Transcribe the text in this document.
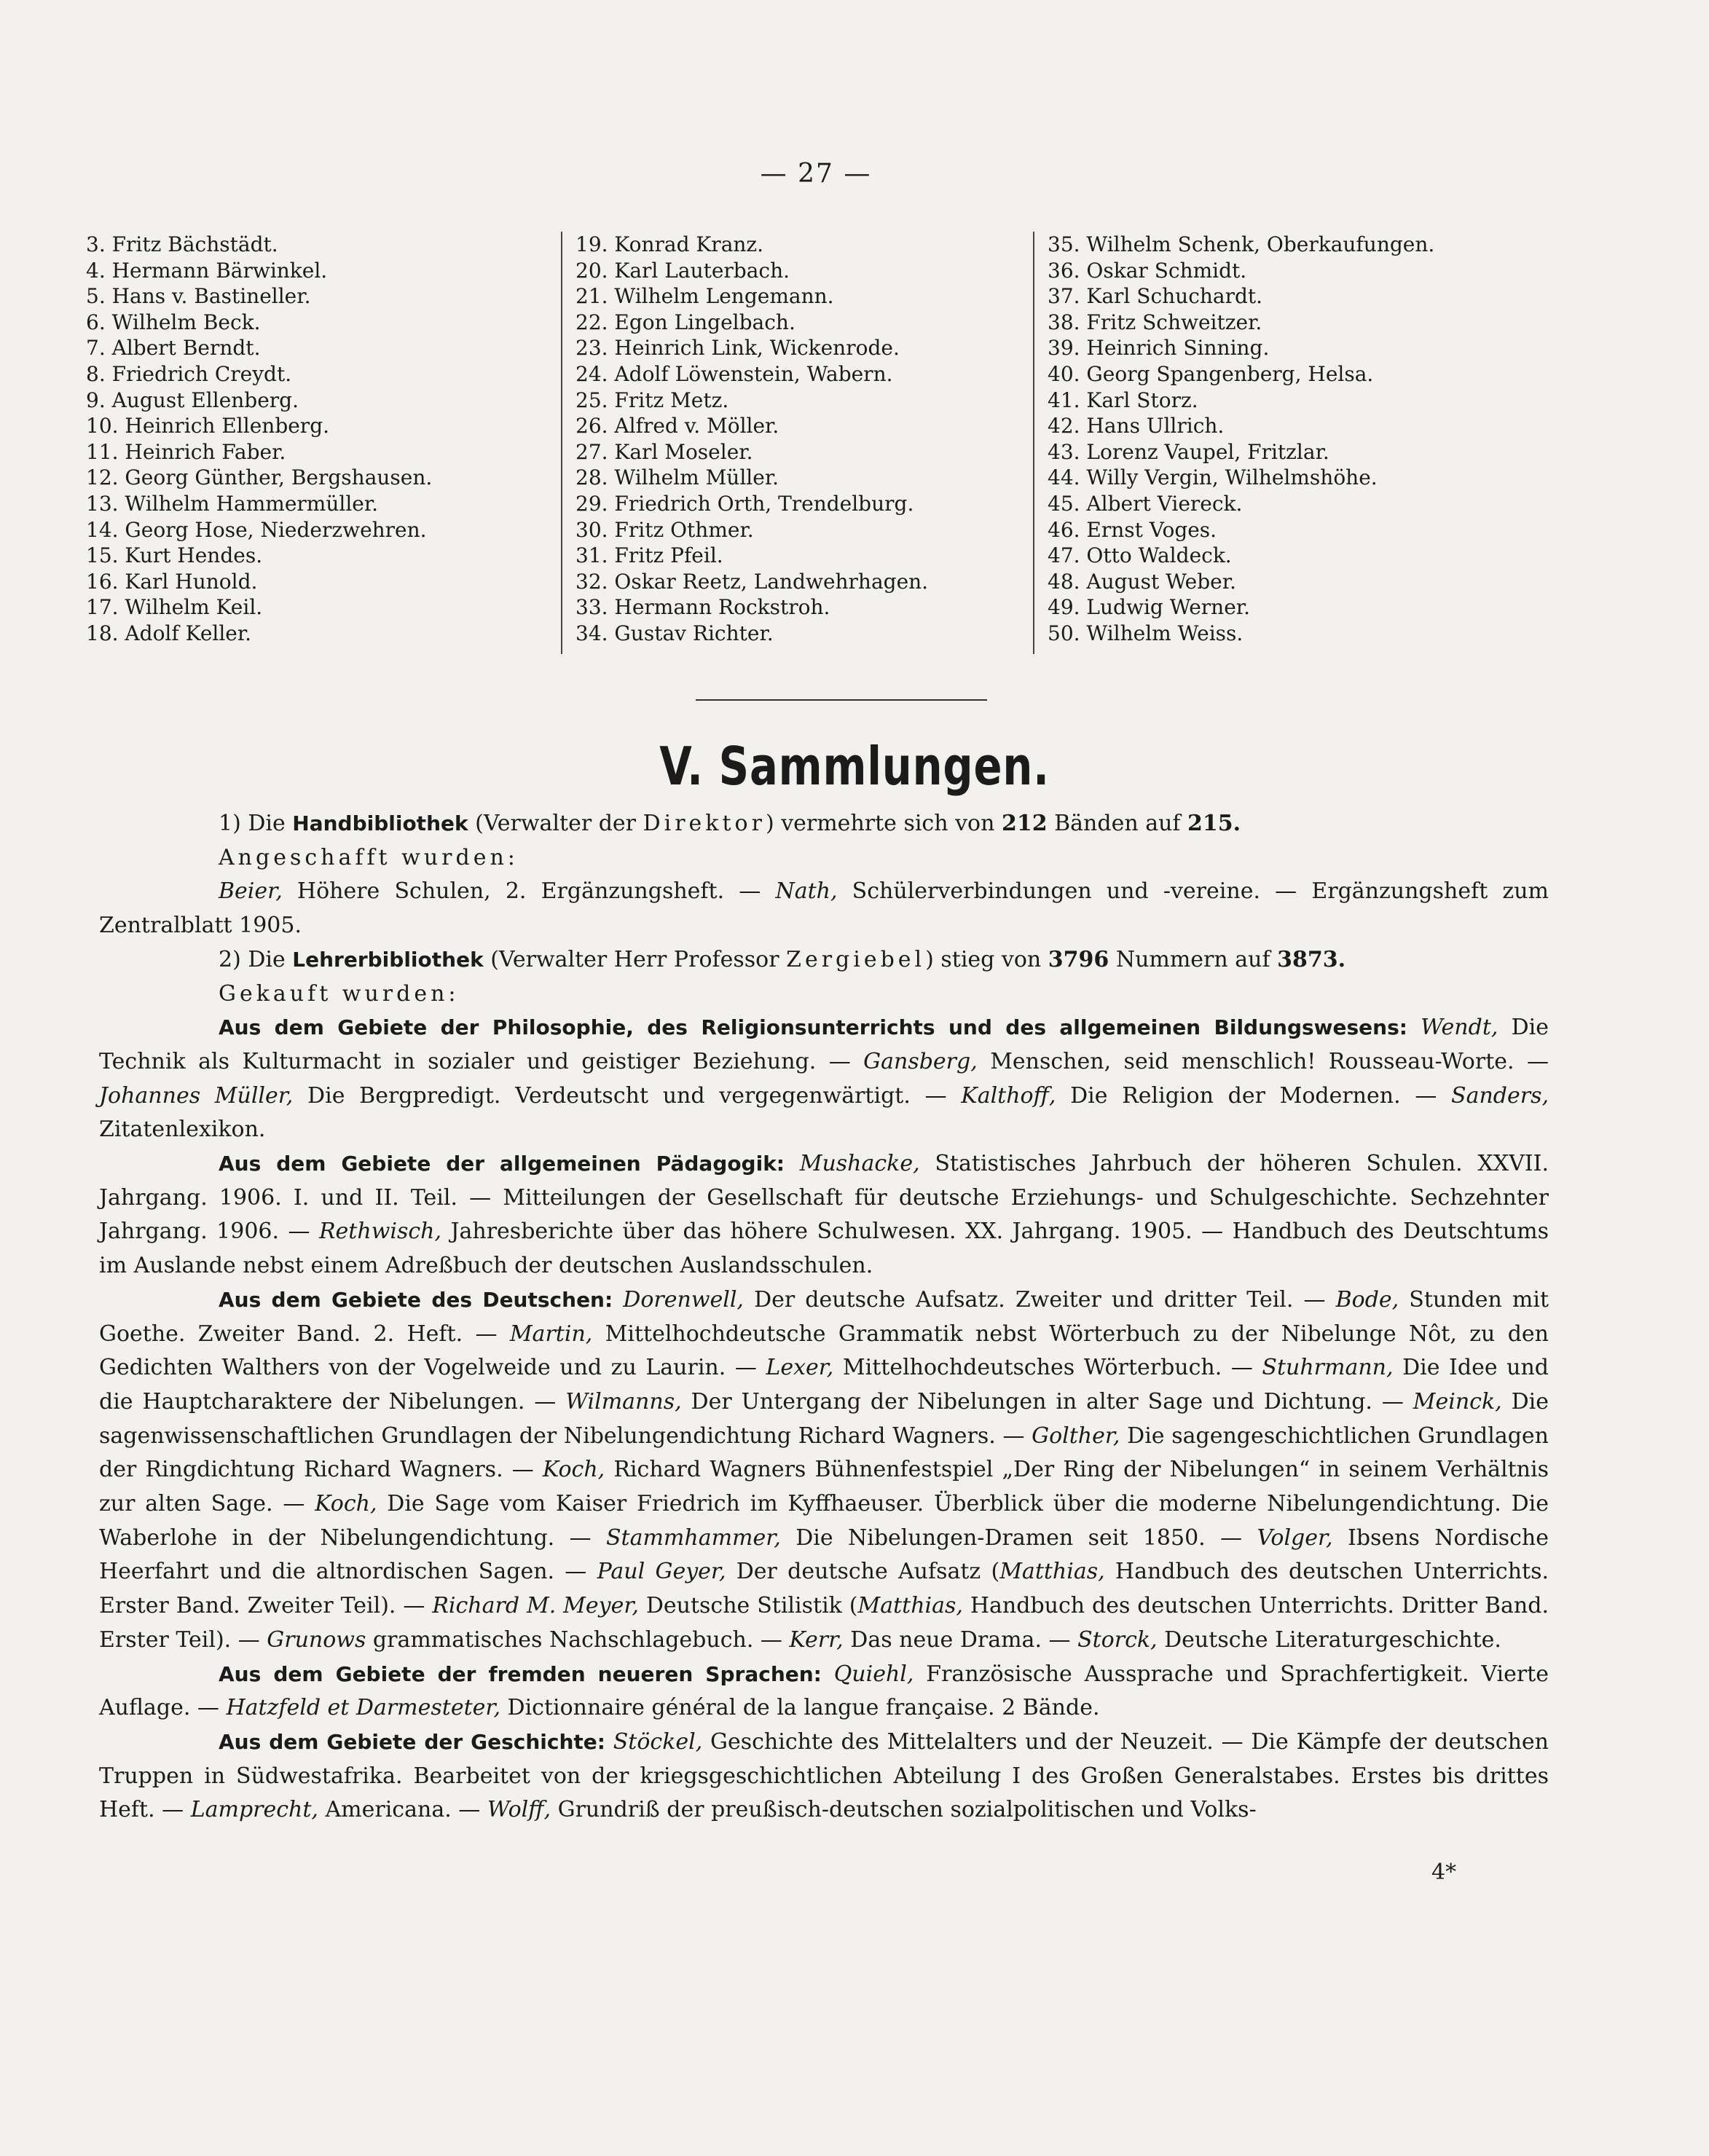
— 27 —
3. Fritz Bächstädt.
4. Hermann Bärwinkel.
5. Hans v. Bastineller.
6. Wilhelm Beck.
7. Albert Berndt.
8. Friedrich Creydt.
9. August Ellenberg.
10. Heinrich Ellenberg.
11. Heinrich Faber.
12. Georg Günther, Bergshausen.
13. Wilhelm Hammermüller.
14. Georg Hose, Niederzwehren.
15. Kurt Hendes.
16. Karl Hunold.
17. Wilhelm Keil.
18. Adolf Keller.
19. Konrad Kranz.
20. Karl Lauterbach.
21. Wilhelm Lengemann.
22. Egon Lingelbach.
23. Heinrich Link, Wickenrode.
24. Adolf Löwenstein, Wabern.
25. Fritz Metz.
26. Alfred v. Möller.
27. Karl Moseler.
28. Wilhelm Müller.
29. Friedrich Orth, Trendelburg.
30. Fritz Othmer.
31. Fritz Pfeil.
32. Oskar Reetz, Landwehrhagen.
33. Hermann Rockstroh.
34. Gustav Richter.
35. Wilhelm Schenk, Oberkaufungen.
36. Oskar Schmidt.
37. Karl Schuchardt.
38. Fritz Schweitzer.
39. Heinrich Sinning.
40. Georg Spangenberg, Helsa.
41. Karl Storz.
42. Hans Ullrich.
43. Lorenz Vaupel, Fritzlar.
44. Willy Vergin, Wilhelmshöhe.
45. Albert Viereck.
46. Ernst Voges.
47. Otto Waldeck.
48. August Weber.
49. Ludwig Werner.
50. Wilhelm Weiss.
V. Sammlungen.

1) Die Handbibliothek (Verwalter der Direktor) vermehrte sich von 212 Bänden auf 215.

Angeschafft wurden:

Beier, Höhere Schulen, 2. Ergänzungsheft. — Nath, Schülerverbindungen und -vereine. — Ergänzungsheft zum Zentralblatt 1905.

2) Die Lehrerbibliothek (Verwalter Herr Professor Zergiebel) stieg von 3796 Nummern auf 3873.

Gekauft wurden:

Aus dem Gebiete der Philosophie, des Religionsunterrichts und des allgemeinen Bildungswesens: Wendt, Die Technik als Kulturmacht in sozialer und geistiger Beziehung. — Gansberg, Menschen, seid menschlich! Rousseau-Worte. — Johannes Müller, Die Bergpredigt. Verdeutscht und vergegenwärtigt. — Kalthoff, Die Religion der Modernen. — Sanders, Zitatenlexikon.

Aus dem Gebiete der allgemeinen Pädagogik: Mushacke, Statistisches Jahrbuch der höheren Schulen. XXVII. Jahrgang. 1906. I. und II. Teil. — Mitteilungen der Gesellschaft für deutsche Erziehungs- und Schulgeschichte. Sechzehnter Jahrgang. 1906. — Rethwisch, Jahresberichte über das höhere Schulwesen. XX. Jahrgang. 1905. — Handbuch des Deutschtums im Auslande nebst einem Adreßbuch der deutschen Auslandsschulen.

Aus dem Gebiete des Deutschen: Dorenwell, Der deutsche Aufsatz. Zweiter und dritter Teil. — Bode, Stunden mit Goethe. Zweiter Band. 2. Heft. — Martin, Mittelhochdeutsche Grammatik nebst Wörterbuch zu der Nibelunge Nôt, zu den Gedichten Walthers von der Vogelweide und zu Laurin. — Lexer, Mittelhochdeutsches Wörterbuch. — Stuhrmann, Die Idee und die Hauptcharaktere der Nibelungen. — Wilmanns, Der Untergang der Nibelungen in alter Sage und Dichtung. — Meinck, Die sagenwissenschaftlichen Grundlagen der Nibelungendichtung Richard Wagners. — Golther, Die sagengeschichtlichen Grundlagen der Ringdichtung Richard Wagners. — Koch, Richard Wagners Bühnenfestspiel „Der Ring der Nibelungen“ in seinem Verhältnis zur alten Sage. — Koch, Die Sage vom Kaiser Friedrich im Kyffhaeuser. Überblick über die moderne Nibelungendichtung. Die Waberlohe in der Nibelungendichtung. — Stammhammer, Die Nibelungen-Dramen seit 1850. — Volger, Ibsens Nordische Heerfahrt und die altnordischen Sagen. — Paul Geyer, Der deutsche Aufsatz (Matthias, Handbuch des deutschen Unterrichts. Erster Band. Zweiter Teil). — Richard M. Meyer, Deutsche Stilistik (Matthias, Handbuch des deutschen Unterrichts. Dritter Band. Erster Teil). — Grunows grammatisches Nachschlagebuch. — Kerr, Das neue Drama. — Storck, Deutsche Literaturgeschichte.

Aus dem Gebiete der fremden neueren Sprachen: Quiehl, Französische Aussprache und Sprachfertigkeit. Vierte Auflage. — Hatzfeld et Darmesteter, Dictionnaire général de la langue française. 2 Bände.

Aus dem Gebiete der Geschichte: Stöckel, Geschichte des Mittelalters und der Neuzeit. — Die Kämpfe der deutschen Truppen in Südwestafrika. Bearbeitet von der kriegsgeschichtlichen Abteilung I des Großen Generalstabes. Erstes bis drittes Heft. — Lamprecht, Americana. — Wolff, Grundriß der preußisch-deutschen sozialpolitischen und Volks-

4*
